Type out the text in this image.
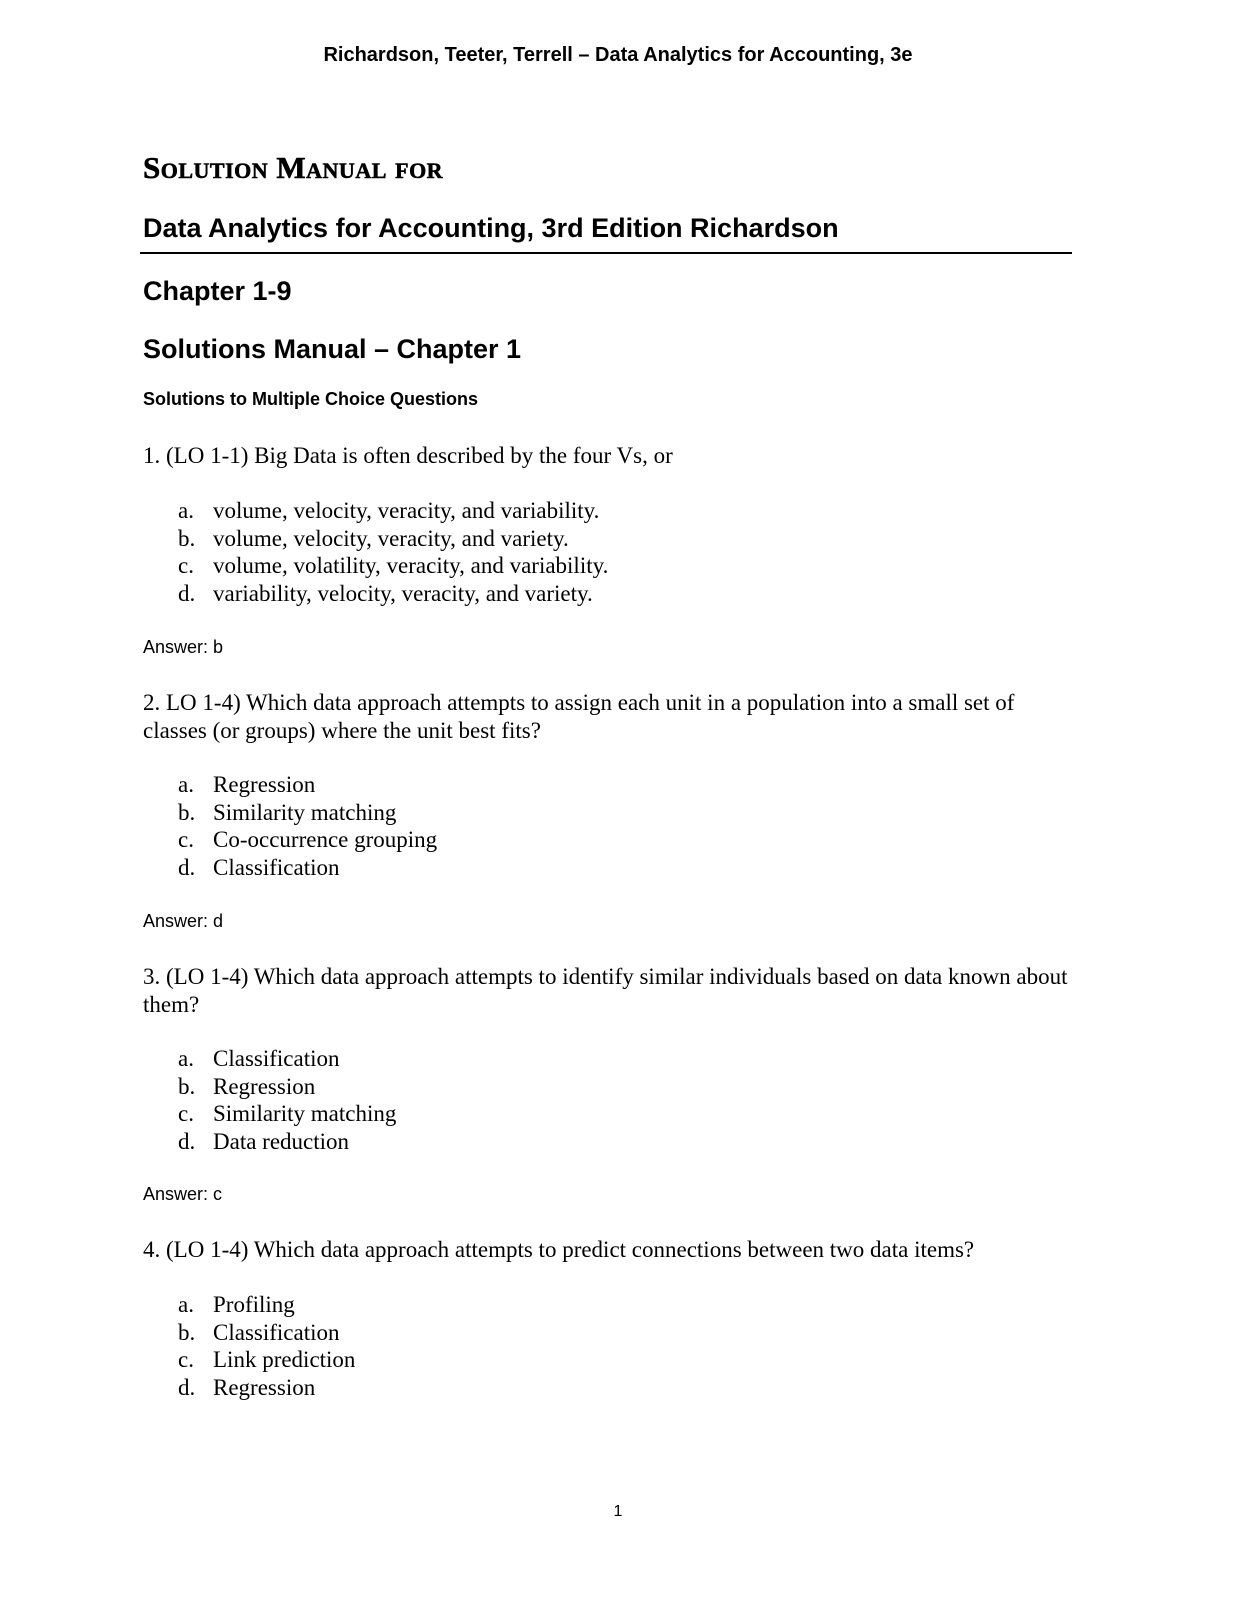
Richardson, Teeter, Terrell – Data Analytics for Accounting, 3e

Solution Manual for
Data Analytics for Accounting, 3rd Edition Richardson
Chapter 1-9
Solutions Manual – Chapter 1
Solutions to Multiple Choice Questions

1. (LO 1-1) Big Data is often described by the four Vs, or

a. volume, velocity, veracity, and variability.
b. volume, velocity, veracity, and variety.
c. volume, volatility, veracity, and variability.
d. variability, velocity, veracity, and variety.

Answer: b

2. LO 1-4) Which data approach attempts to assign each unit in a population into a small set of classes (or groups) where the unit best fits?

a. Regression
b. Similarity matching
c. Co-occurrence grouping
d. Classification

Answer: d

3. (LO 1-4) Which data approach attempts to identify similar individuals based on data known about them?

a. Classification
b. Regression
c. Similarity matching
d. Data reduction

Answer: c

4. (LO 1-4) Which data approach attempts to predict connections between two data items?

a. Profiling
b. Classification
c. Link prediction
d. Regression

1
